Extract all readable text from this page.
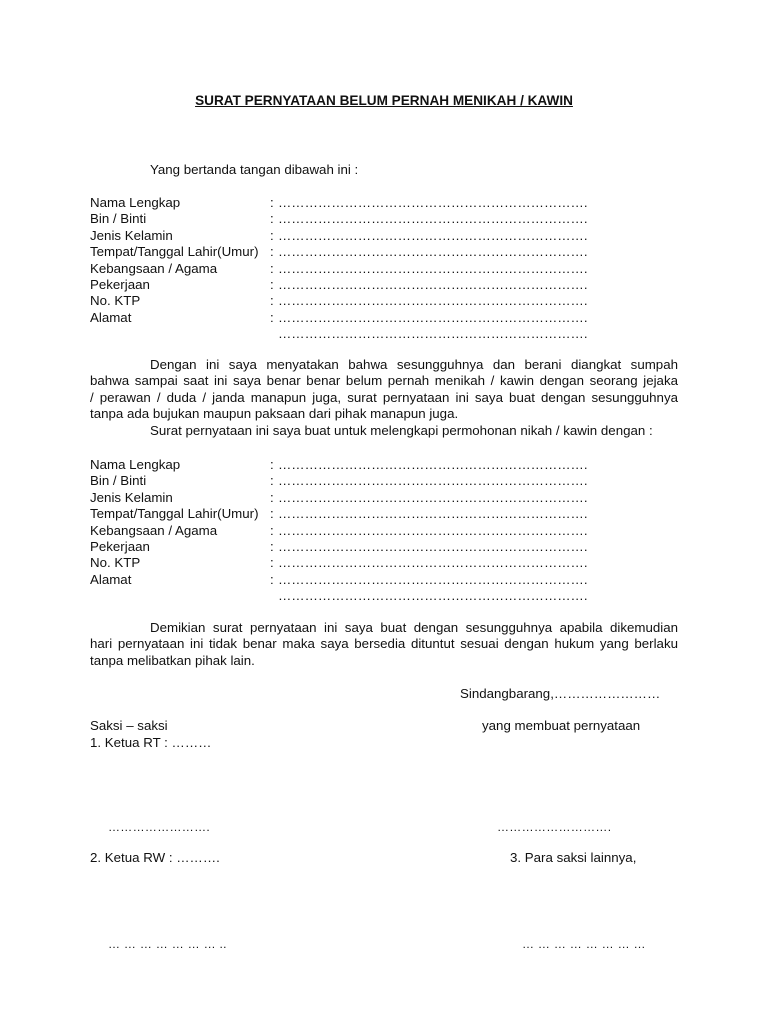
SURAT PERNYATAAN BELUM PERNAH MENIKAH / KAWIN
Yang bertanda tangan dibawah ini :
Nama Lengkap	: …………………………………………………………….
Bin / Binti	: …………………………………………………………….
Jenis Kelamin	: …………………………………………………………….
Tempat/Tanggal Lahir(Umur) : …………………………………………………………….
Kebangsaan / Agama	: …………………………………………………………….
Pekerjaan	: …………………………………………………………….
No. KTP	: …………………………………………………………….
Alamat	: …………………………………………………………….
…………………………………………………………….

Dengan ini saya menyatakan bahwa sesungguhnya dan berani diangkat sumpah

bahwa sampai saat ini saya benar benar belum pernah menikah / kawin dengan seorang jejaka

/ perawan / duda / janda manapun juga, surat pernyataan ini saya buat dengan sesungguhnya

tanpa ada bujukan maupun paksaan dari pihak manapun juga.

Surat pernyataan ini saya buat untuk melengkapi permohonan nikah / kawin dengan :

Nama Lengkap	: …………………………………………………………….
Bin / Binti	: …………………………………………………………….
Jenis Kelamin	: …………………………………………………………….
Tempat/Tanggal Lahir(Umur) : …………………………………………………………….
Kebangsaan / Agama	: …………………………………………………………….
Pekerjaan	: …………………………………………………………….
No. KTP	: …………………………………………………………….
Alamat	: …………………………………………………………….
…………………………………………………………….

Demikian surat pernyataan ini saya buat dengan sesungguhnya apabila dikemudian

hari pernyataan ini tidak benar maka saya bersedia dituntut sesuai dengan hukum yang berlaku

tanpa melibatkan pihak lain.

Sindangbarang,……………………
Saksi – saksi	yang membuat pernyataan
1. Ketua RT : ………
…………………….	……………………….
2. Ketua RW : ……….	3. Para saksi lainnya,
… … … … … … … ..	… … … … … … … …
